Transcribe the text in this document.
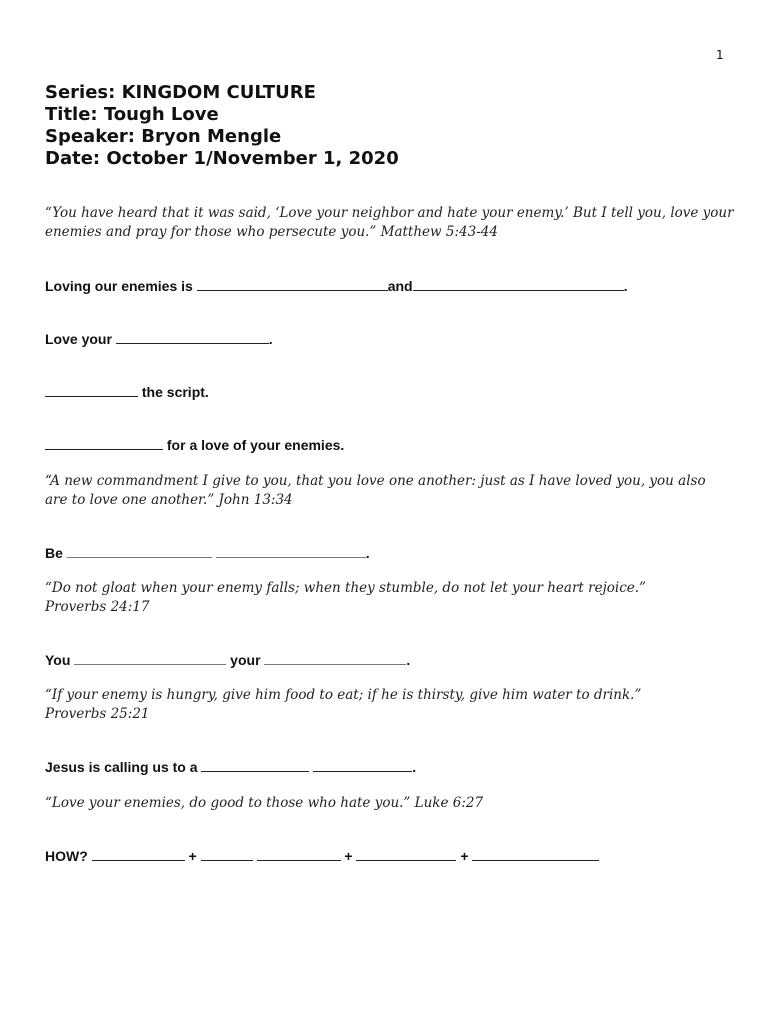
1
Series: KINGDOM CULTURE
Title: Tough Love
Speaker: Bryon Mengle
Date: October 1/November 1, 2020
“You have heard that it was said, ‘Love your neighbor and hate your enemy.’ But I tell you, love your
enemies and pray for those who persecute you.” Matthew 5:43-44
Loving our enemies is	and	.
Love your	.
the script.
for a love of your enemies.
“A new commandment I give to you, that you love one another: just as I have loved you, you also
are to love one another.” John 13:34
Be	.
“Do not gloat when your enemy falls; when they stumble, do not let your heart rejoice.”
Proverbs 24:17
You	your	.
“If your enemy is hungry, give him food to eat; if he is thirsty, give him water to drink.”
Proverbs 25:21
Jesus is calling us to a	.
“Love your enemies, do good to those who hate you.” Luke 6:27
HOW?	+	+	+
